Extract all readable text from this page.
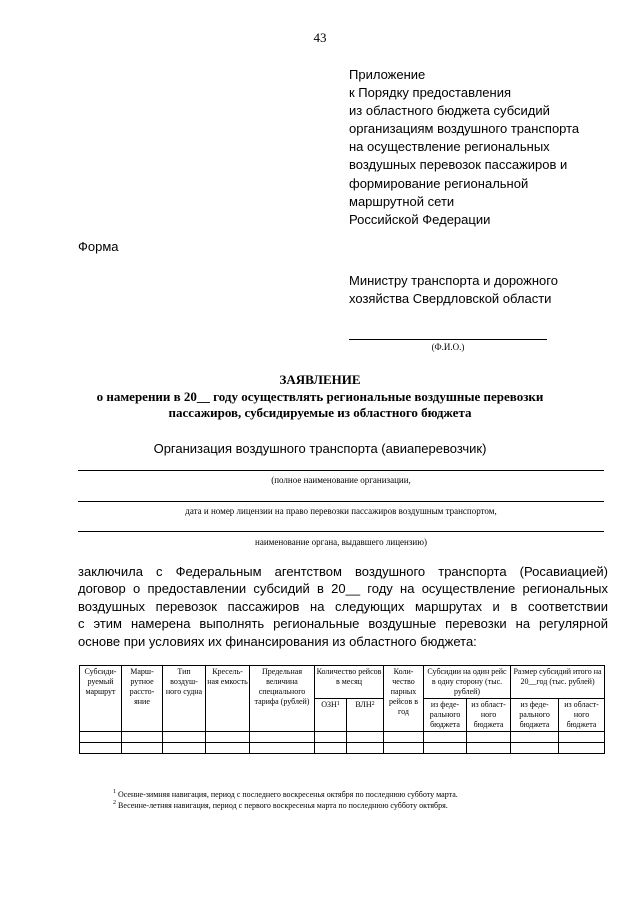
43
Приложение
к Порядку предоставления
из областного бюджета субсидий
организациям воздушного транспорта
на осуществление региональных
воздушных перевозок пассажиров и
формирование региональной
маршрутной сети
Российской Федерации
Форма
Министру транспорта и дорожного
хозяйства Свердловской области
(Ф.И.О.)
ЗАЯВЛЕНИЕ
о намерении в 20__ году осуществлять региональные воздушные перевозки
пассажиров, субсидируемые из областного бюджета
Организация воздушного транспорта (авиаперевозчик)
(полное наименование организации,
дата и номер лицензии на право перевозки пассажиров воздушным транспортом,
наименование органа, выдавшего лицензию)
заключила с Федеральным агентством воздушного транспорта (Росавиацией)
договор о предоставлении субсидий в 20__ году на осуществление региональных
воздушных перевозок пассажиров на следующих маршрутах и в соответствии
с этим намерена выполнять региональные воздушные перевозки на регулярной
основе при условиях их финансирования из областного бюджета:
Субсиди-руемый маршрут	Марш-рутное рассто-яние	Тип воздуш-ного судна	Кресель-ная емкость	Предельная величина специального тарифа (рублей)	Количество рейсов в месяц		Коли-чество парных рейсов в год	Субсидии на один рейс в одну сторону (тыс. рублей)		Размер субсидий итого на 20__год (тыс. рублей)	
					ОЗН$^1$	ВЛН$^2$		из феде-рального бюджета	из област-ного бюджета	из феде-рального бюджета	из област-ного бюджета

$^1$ Осенне-зимняя навигация, период с последнего воскресенья октября по последнюю субботу марта.
$^2$ Весенне-летняя навигация, период с первого воскресенья марта по последнюю субботу октября.
